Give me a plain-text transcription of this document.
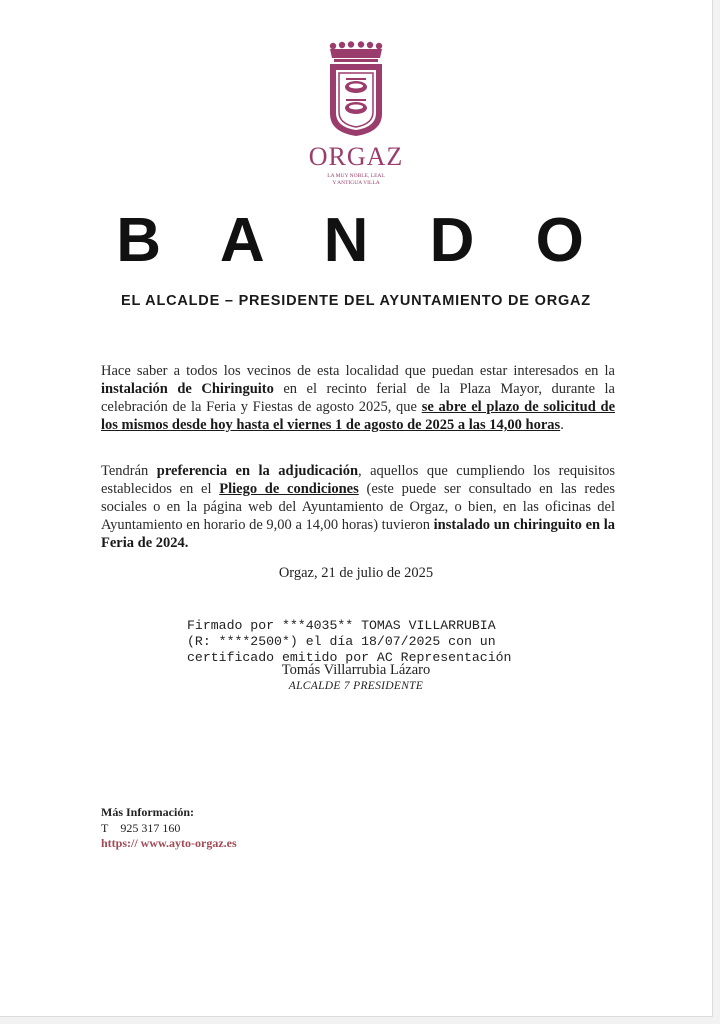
ORGAZ
LA MUY NOBLE, LEAL
Y ANTIGUA VILLA
B A N D O
EL ALCALDE – PRESIDENTE DEL AYUNTAMIENTO DE ORGAZ
Hace saber a todos los vecinos de esta localidad que puedan estar interesados en la instalación de Chiringuito en el recinto ferial de la Plaza Mayor, durante la celebración de la Feria y Fiestas de agosto 2025, que se abre el plazo de solicitud de los mismos desde hoy hasta el viernes 1 de agosto de 2025 a las 14,00 horas.
Tendrán preferencia en la adjudicación, aquellos que cumpliendo los requisitos establecidos en el Pliego de condiciones (este puede ser consultado en las redes sociales o en la página web del Ayuntamiento de Orgaz, o bien, en las oficinas del Ayuntamiento en horario de 9,00 a 14,00 horas) tuvieron instalado un chiringuito en la Feria de 2024.
Orgaz, 21 de julio de 2025
Firmado por ***4035** TOMAS VILLARRUBIA
(R: ****2500*) el día 18/07/2025 con un
certificado emitido por AC Representación
Tomás Villarrubia Lázaro
ALCALDE 7 PRESIDENTE
Más Información:
T 925 317 160
https:// www.ayto-orgaz.es
